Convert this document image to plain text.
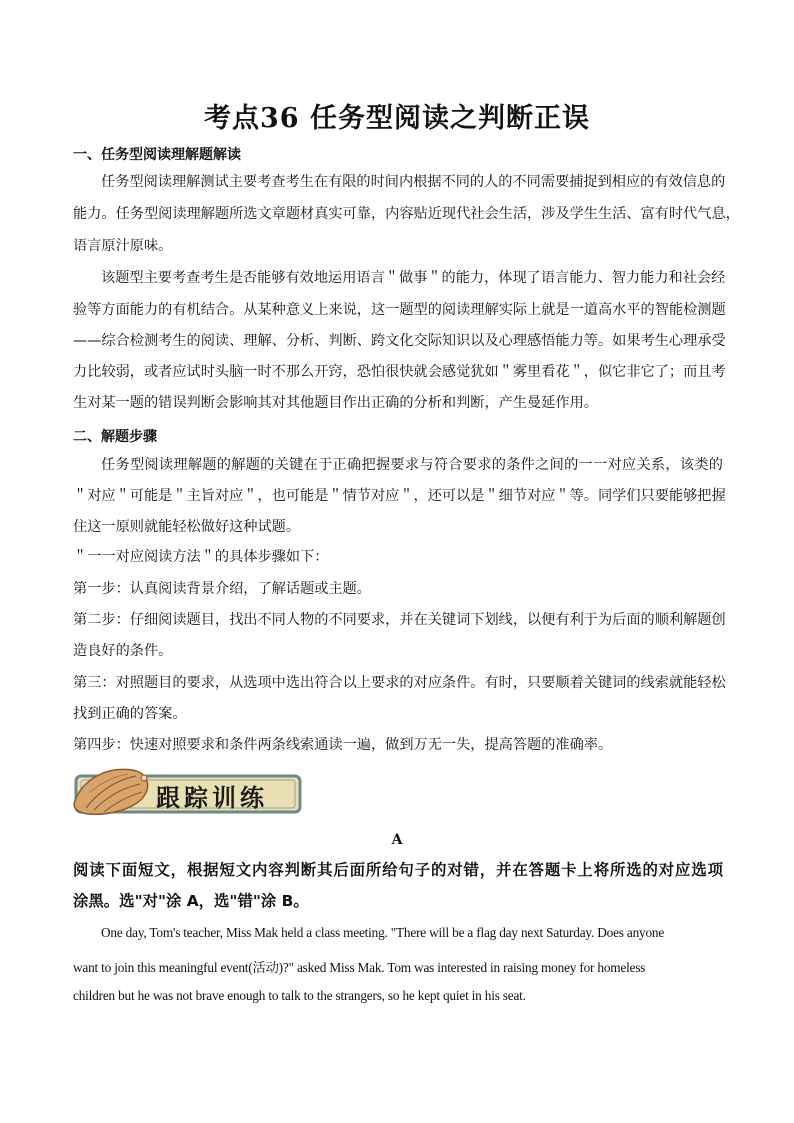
考点36 任务型阅读之判断正误
一、任务型阅读理解题解读
任务型阅读理解测试主要考查考生在有限的时间内根据不同的人的不同需要捕捉到相应的有效信息的
能力。任务型阅读理解题所选文章题材真实可靠，内容贴近现代社会生活，涉及学生生活、富有时代气息，
语言原汁原味。
该题型主要考查考生是否能够有效地运用语言＂做事＂的能力，体现了语言能力、智力能力和社会经
验等方面能力的有机结合。从某种意义上来说，这一题型的阅读理解实际上就是一道高水平的智能检测题
——综合检测考生的阅读、理解、分析、判断、跨文化交际知识以及心理感悟能力等。如果考生心理承受
力比较弱，或者应试时头脑一时不那么开窍，恐怕很快就会感觉犹如＂雾里看花＂，似它非它了；而且考
生对某一题的错误判断会影响其对其他题目作出正确的分析和判断，产生曼延作用。
二、解题步骤
任务型阅读理解题的解题的关键在于正确把握要求与符合要求的条件之间的一一对应关系，该类的
＂对应＂可能是＂主旨对应＂，也可能是＂情节对应＂，还可以是＂细节对应＂等。同学们只要能够把握
住这一原则就能轻松做好这种试题。
＂一一对应阅读方法＂的具体步骤如下：
第一步：认真阅读背景介绍，了解话题或主题。
第二步：仔细阅读题目，找出不同人物的不同要求，并在关键词下划线，以便有利于为后面的顺利解题创
造良好的条件。
第三：对照题目的要求，从选项中选出符合以上要求的对应条件。有时，只要顺着关键词的线索就能轻松
找到正确的答案。
第四步：快速对照要求和条件两条线索通读一遍，做到万无一失，提高答题的准确率。
跟踪训练
A
阅读下面短文，根据短文内容判断其后面所给句子的对错，并在答题卡上将所选的对应选项
涂黑。选"对"涂 A，选"错"涂 B。
One day, Tom's teacher, Miss Mak held a class meeting. "There will be a flag day next Saturday. Does anyone
want to join this meaningful event(活动)?" asked Miss Mak. Tom was interested in raising money for homeless
children but he was not brave enough to talk to the strangers, so he kept quiet in his seat.
